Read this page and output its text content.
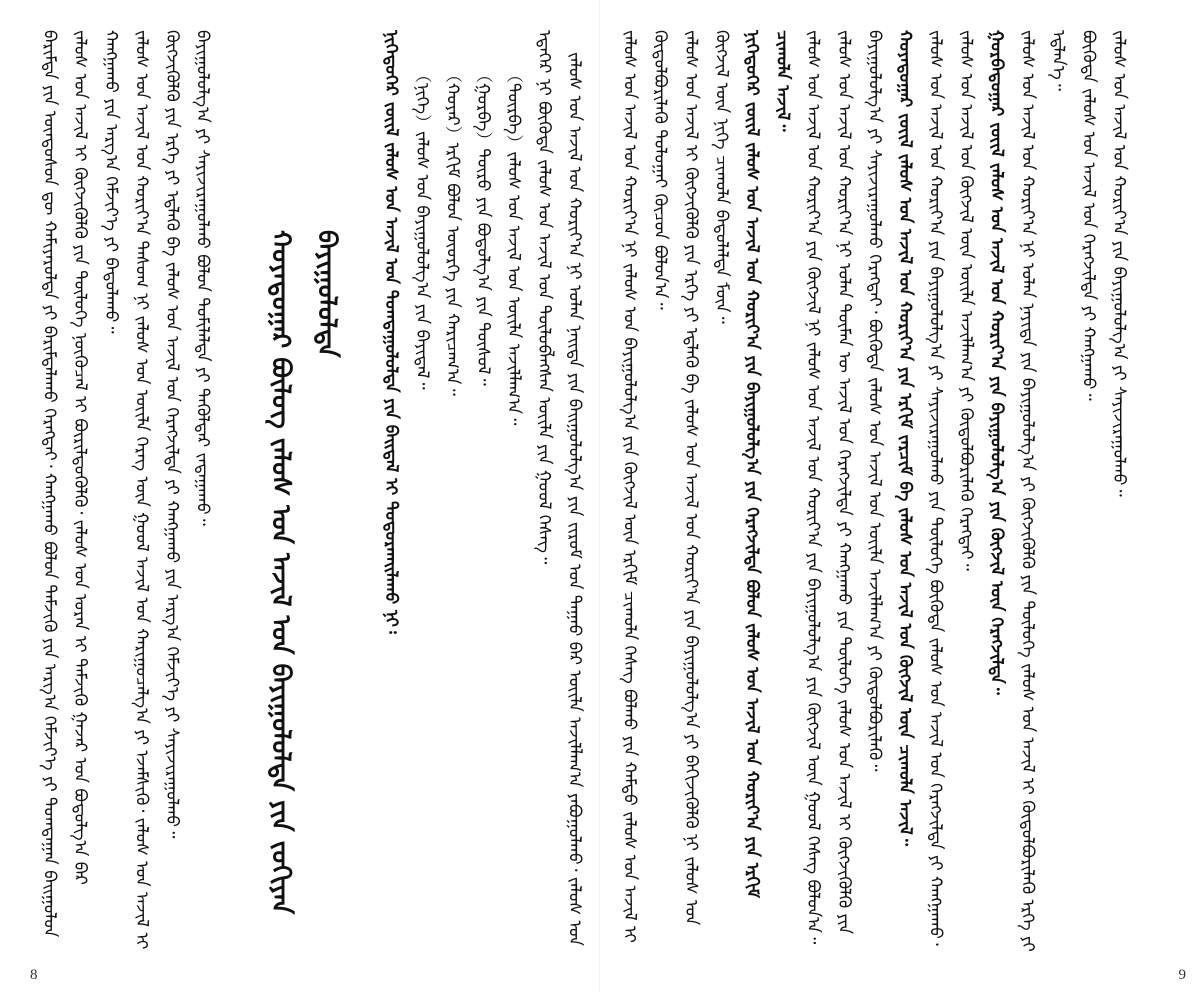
ᠪᠠᠷᠢᠮᠲᠠ ᠶᠢᠨ ᠦᠨᠳᠦᠰᠦᠨ ᠳᠦ ᠬᠠᠮᠢᠶᠠᠷᠤᠯᠲᠠ ᠶᠢ ᠪᠠᠷᠢᠮᠲᠠᠯᠠᠬᠤ ᠬᠡᠷᠡᠭᠲᠡᠢ᠂ ᠬᠠᠩᠭᠠᠬᠤ ᠪᠣᠯᠤᠨ ᠳᠡᠮᠵᠢᠬᠦ ᠶᠢᠨ ᠠᠷᠭ᠎ᠠ ᠬᠡᠮᠵᠢᠶ᠎ᠡ ᠶᠢ ᠲᠣᠭᠲᠠᠭᠠᠨ ᠪᠠᠢᠭᠤᠯᠤᠨ ᠵᠠᠯᠤᠰ ᠤᠨ ᠠᠵᠢᠯ ᠢ ᠬᠥᠭᠵᠢᠭᠦᠯᠬᠦ ᠶᠢᠨ ᠲᠥᠯᠦᠭᠡ ᠨᠥᠬᠥᠴᠡᠯ ᠢ ᠪᠦᠷᠢᠯᠳᠦᠭᠦᠯᠬᠦ᠂ ᠵᠠᠯᠤᠰ ᠤᠨ ᠤᠷᠠᠨ ᠢ ᠳᠡᠮᠵᠢᠬᠦ ᠭᠠᠵᠠᠷ ᠤᠨ ᠪᠣᠳᠤᠯᠭ᠎ᠠ ᠪᠠᠷ ᠬᠠᠩᠭᠠᠬᠤ ᠶᠢᠨ ᠠᠷᠭ᠎ᠠ ᠬᠡᠮᠵᠢᠶ᠎ᠡ ᠶᠢ ᠪᠠᠲᠤᠯᠠᠬᠤ᠃ ᠵᠠᠯᠤᠰ ᠤᠨ ᠠᠵᠢᠯ ᠤᠨ ᠬᠣᠷᠢᠶ᠎ᠠ ᠲᠠᠰᠤᠭ ᠨᠢ ᠵᠠᠯᠤᠰ ᠤᠨ ᠦᠢᠯᠡ ᠬᠡᠷᠡᠭ ᠦᠨ ᠭᠣᠣᠯ ᠠᠵᠢᠯ ᠤᠨ ᠬᠠᠷᠢᠭᠤᠴᠠᠯᠭ᠎ᠠ ᠶᠢ ᠡᠵᠡᠮᠰᠢᠬᠦ᠂ ᠵᠠᠯᠤᠰ ᠤᠨ ᠠᠵᠢᠯ ᠢ ᠬᠥᠭᠵᠢᠭᠦᠯᠬᠦ ᠶᠢᠨ ᠡᠷᠬᠡ ᠶᠢ ᠡᠳ᠋ᠯᠡᠬᠦ ᠪᠠ ᠵᠠᠯᠤᠰ ᠤᠨ ᠠᠵᠢᠯ ᠤᠨ ᠬᠡᠷᠡᠭᠵᠢᠯᠲᠡ ᠶᠢ ᠬᠠᠩᠭᠠᠬᠤ ᠶᠢᠨ ᠠᠷᠭ᠎ᠠ ᠬᠡᠮᠵᠢᠶ᠎ᠡ ᠶᠢ ᠰᠠᠶᠢᠵᠢᠷᠠᠭᠤᠯᠬᠤ᠃ ᠪᠠᠶᠢᠭᠤᠯᠤᠯᠭ᠎ᠠ ᠶᠢ ᠰᠠᠶᠢᠵᠢᠷᠠᠭᠤᠯᠬᠤ ᠪᠣᠯᠤᠨ ᠲᠣᠮᠢᠯᠠᠯᠲᠠ ᠶᠢ ᠲᠡᠭᠦᠯᠳᠡᠷ ᠵᠠᠳᠠᠭᠠᠬᠤ᠃	ᠬᠣᠶᠠᠳᠤᠭᠠᠷ ᠪᠦᠯᠦᠭ ᠵᠠᠯᠤᠰ ᠤᠨ ᠠᠵᠢᠯ ᠤᠨ ᠪᠠᠶᠢᠭᠤᠯᠤᠯᠲᠠ ᠶᠢᠨ ᠵᠣᠬᠢᠶᠠᠨ ᠪᠠᠶᠢᠭᠤᠯᠤᠯᠲᠠ	ᠨᠢᠭᠡᠳᠦᠭᠡᠷ ᠵᠦᠢᠯ ᠵᠠᠯᠤᠰ ᠤᠨ ᠠᠵᠢᠯ ᠤᠨ ᠲᠣᠭᠲᠠᠭᠤᠯᠤᠯᠲᠠ ᠶᠢᠨ ᠪᠠᠢᠳᠠᠯ ᠢ ᠲᠣᠳᠤᠷᠬᠠᠢᠯᠠᠬᠤ ᠨᠢ᠄ （ᠨᠢᠭᠡ）ᠵᠠᠯᠤᠰ ᠤᠨ ᠪᠠᠶᠢᠭᠤᠯᠤᠯᠭ᠎ᠠ ᠶᠢᠨ ᠪᠠᠶᠢᠳᠠᠯ᠃ （ᠬᠣᠶᠠᠷ）ᠡᠷᠬᠢᠮ ᠪᠣᠯᠤᠨ ᠦᠦᠷᠭᠡ ᠶᠢᠨ ᠬᠠᠷᠢᠴᠠᠭ᠎ᠠ᠃ （ᠭᠤᠷᠪᠠ）ᠲᠦᠷᠦ ᠶᠢᠨ ᠪᠣᠳᠤᠯᠭ᠎ᠠ ᠶᠢᠨ ᠲᠥᠰᠥᠯ᠃ （ᠳᠥᠷᠪᠡ）ᠵᠠᠯᠤᠰ ᠤᠨ ᠠᠵᠢᠯ ᠤᠨ ᠦᠢᠯᠡ ᠠᠵᠢᠯᠯᠠᠭ᠎ᠠ᠃ ᠡᠳᠡᠭᠡᠷ ᠨᠢ ᠪᠦᠭᠦᠳᠡ ᠵᠠᠯᠤᠰ ᠤᠨ ᠠᠵᠢᠯ ᠤᠨ ᠲᠥᠯᠦᠪᠯᠡᠭᠰᠡᠨ ᠦᠢᠯᠡ ᠶᠢᠨ ᠭᠣᠣᠯ ᠬᠡᠰᠡᠭ᠃ ᠵᠠᠯᠤᠰ ᠤᠨ ᠠᠵᠢᠯ ᠤᠨ ᠬᠣᠷᠢᠶ᠎ᠠ ᠨᠢ ᠣᠯᠠᠨ ᠨᠡᠢᠲᠡ ᠶᠢᠨ ᠪᠠᠢᠭᠤᠯᠤᠯᠭ᠎ᠠ ᠶᠢᠨ ᠵᠢᠷᠤᠮ ᠤᠨ ᠳᠠᠭᠠᠤ ᠪᠡᠷ ᠦᠢᠯᠡ ᠠᠵᠢᠯᠯᠠᠭ᠎ᠠ ᠶᠠᠪᠤᠭᠤᠯᠬᠤ᠂ ᠵᠠᠯᠤᠰ ᠤᠨ

8

ᠵᠠᠯᠤᠰ ᠤᠨ ᠠᠵᠢᠯ ᠤᠨ ᠬᠣᠷᠢᠶ᠎ᠠ ᠨᠢ ᠵᠠᠯᠤᠰ ᠤᠨ ᠪᠠᠶᠢᠭᠤᠯᠤᠯᠭ᠎ᠠ ᠶᠢᠨ ᠬᠥᠭᠵᠢᠯ ᠦᠨ ᠡᠷᠬᠢᠮ ᠴᠢᠬᠤᠯᠠ ᠬᠡᠰᠡᠭ ᠪᠣᠯᠬᠤ ᠶᠢᠨ ᠬᠠᠮᠲᠤ ᠵᠠᠯᠤᠰ ᠤᠨ ᠠᠵᠢᠯ ᠢ ᠬᠥᠲᠦᠯᠪᠦᠷᠢᠯᠡᠬᠦ ᠲᠣᠯᠤᠭᠠᠢ ᠬᠦᠴᠦᠨ ᠪᠣᠯᠤᠨ᠎ᠠ᠃ ᠵᠠᠯᠤᠰ ᠤᠨ ᠠᠵᠢᠯ ᠢ ᠬᠥᠭᠵᠢᠭᠦᠯᠬᠦ ᠶᠢᠨ ᠡᠷᠬᠡ ᠶᠢ ᠡᠳ᠋ᠯᠡᠬᠦ ᠪᠠ ᠵᠠᠯᠤᠰ ᠤᠨ ᠠᠵᠢᠯ ᠤᠨ ᠬᠣᠷᠢᠶ᠎ᠠ ᠶᠢᠨ ᠪᠠᠶᠢᠭᠤᠯᠤᠯᠭ᠎ᠠ ᠶᠢ ᠪᠡᠬᠢᠵᠢᠭᠦᠯᠬᠦ ᠨᠢ ᠵᠠᠯᠤᠰ ᠤᠨ ᠬᠥᠭᠵᠢᠯ ᠦᠨ ᠨᠢᠭᠡ ᠴᠢᠬᠤᠯᠠ ᠪᠠᠲᠤᠯᠠᠯᠲᠠ ᠮᠥᠨ᠃ ᠨᠢᠭᠡᠳᠦᠭᠡᠷ ᠵᠦᠢᠯ ᠵᠠᠯᠤᠰ ᠤᠨ ᠠᠵᠢᠯ ᠤᠨ ᠬᠣᠷᠢᠶ᠎ᠠ ᠶᠢᠨ ᠪᠠᠶᠢᠭᠤᠯᠤᠯᠭ᠎ᠠ ᠶᠢᠨ ᠬᠡᠷᠡᠭᠵᠢᠯᠲᠡ ᠪᠣᠯᠤᠨ ᠵᠠᠯᠤᠰ ᠤᠨ ᠠᠵᠢᠯ ᠤᠨ ᠬᠣᠷᠢᠶ᠎ᠠ ᠶᠢᠨ ᠡᠷᠬᠢᠮ ᠴᠢᠬᠤᠯᠠ ᠠᠵᠢᠯ᠃ ᠵᠠᠯᠤᠰ ᠤᠨ ᠠᠵᠢᠯ ᠤᠨ ᠬᠣᠷᠢᠶ᠎ᠠ ᠶᠢᠨ ᠬᠥᠭᠵᠢᠯ ᠨᠢ ᠵᠠᠯᠤᠰ ᠤᠨ ᠠᠵᠢᠯ ᠤᠨ ᠬᠣᠷᠢᠶ᠎ᠠ ᠶᠢᠨ ᠪᠠᠶᠢᠭᠤᠯᠤᠯᠭ᠎ᠠ ᠶᠢᠨ ᠬᠥᠭᠵᠢᠯ ᠦᠨ ᠭᠣᠣᠯ ᠬᠡᠰᠡᠭ ᠪᠣᠯᠤᠨ᠎ᠠ᠃ ᠵᠠᠯᠤᠰ ᠤᠨ ᠠᠵᠢᠯ ᠤᠨ ᠬᠣᠷᠢᠶ᠎ᠠ ᠨᠢ ᠣᠯᠠᠨ ᠲᠦᠮᠡᠨ ᠦ ᠠᠵᠢᠯ ᠤᠨ ᠬᠡᠷᠡᠭᠵᠢᠯᠲᠡ ᠶᠢ ᠬᠠᠩᠭᠠᠬᠤ ᠶᠢᠨ ᠲᠥᠯᠦᠭᠡ ᠵᠠᠯᠤᠰ ᠤᠨ ᠠᠵᠢᠯ ᠢ ᠬᠥᠭᠵᠢᠭᠦᠯᠬᠦ ᠶᠢᠨ ᠪᠠᠶᠢᠭᠤᠯᠤᠯᠭ᠎ᠠ ᠶᠢ ᠰᠠᠶᠢᠵᠢᠷᠠᠭᠤᠯᠬᠤ ᠬᠡᠷᠡᠭᠲᠡᠢ᠂ ᠪᠦᠭᠦᠳᠡ ᠵᠠᠯᠤᠰ ᠤᠨ ᠠᠵᠢᠯ ᠤᠨ ᠦᠢᠯᠡ ᠠᠵᠢᠯᠯᠠᠭ᠎ᠠ ᠶᠢ ᠬᠥᠲᠦᠯᠪᠦᠷᠢᠯᠡᠬᠦ᠃ ᠬᠣᠶᠠᠳᠤᠭᠠᠷ ᠵᠦᠢᠯ ᠵᠠᠯᠤᠰ ᠤᠨ ᠠᠵᠢᠯ ᠤᠨ ᠬᠣᠷᠢᠶ᠎ᠠ ᠶᠢᠨ ᠡᠷᠬᠢᠮ ᠵᠠᠷᠴᠢᠮ ᠪᠠ ᠵᠠᠯᠤᠰ ᠤᠨ ᠠᠵᠢᠯ ᠤᠨ ᠬᠥᠭᠵᠢᠯ ᠦᠨ ᠴᠢᠬᠤᠯᠠ ᠠᠵᠢᠯ᠃ ᠵᠠᠯᠤᠰ ᠤᠨ ᠠᠵᠢᠯ ᠤᠨ ᠬᠣᠷᠢᠶ᠎ᠠ ᠶᠢᠨ ᠪᠠᠶᠢᠭᠤᠯᠤᠯᠭ᠎ᠠ ᠶᠢ ᠰᠠᠶᠢᠵᠢᠷᠠᠭᠤᠯᠬᠤ ᠶᠢᠨ ᠲᠥᠯᠦᠭᠡ ᠪᠦᠭᠦᠳᠡ ᠵᠠᠯᠤᠰ ᠤᠨ ᠠᠵᠢᠯ ᠤᠨ ᠬᠡᠷᠡᠭᠵᠢᠯᠲᠡ ᠶᠢ ᠬᠠᠩᠭᠠᠬᠤ᠂ ᠵᠠᠯᠤᠰ ᠤᠨ ᠠᠵᠢᠯ ᠤᠨ ᠬᠥᠭᠵᠢᠯ ᠦᠨ ᠦᠢᠯᠡ ᠠᠵᠢᠯᠯᠠᠭ᠎ᠠ ᠶᠢ ᠬᠥᠲᠦᠯᠪᠦᠷᠢᠯᠡᠬᠦ ᠬᠡᠷᠡᠭᠲᠡᠢ᠃ ᠭᠤᠷᠪᠠᠳᠤᠭᠠᠷ ᠵᠦᠢᠯ ᠵᠠᠯᠤᠰ ᠤᠨ ᠠᠵᠢᠯ ᠤᠨ ᠬᠣᠷᠢᠶ᠎ᠠ ᠶᠢᠨ ᠪᠠᠶᠢᠭᠤᠯᠤᠯᠭ᠎ᠠ ᠶᠢᠨ ᠬᠥᠭᠵᠢᠯ ᠦᠨ ᠬᠡᠷᠡᠭᠵᠢᠯᠲᠡ᠃ ᠵᠠᠯᠤᠰ ᠤᠨ ᠠᠵᠢᠯ ᠤᠨ ᠬᠣᠷᠢᠶ᠎ᠠ ᠨᠢ ᠣᠯᠠᠨ ᠨᠡᠶᠢᠲᠡ ᠶᠢᠨ ᠪᠠᠶᠢᠭᠤᠯᠤᠯᠭ᠎ᠠ ᠶᠢ ᠬᠥᠭᠵᠢᠭᠦᠯᠬᠦ ᠶᠢᠨ ᠲᠥᠯᠦᠭᠡ ᠵᠠᠯᠤᠰ ᠤᠨ ᠠᠵᠢᠯ ᠢ ᠬᠥᠲᠦᠯᠪᠦᠷᠢᠯᠡᠬᠦ ᠡᠷᠬᠡ ᠶᠢ ᠡᠳ᠋ᠯᠡᠨ᠎ᠡ᠃ ᠪᠦᠭᠦᠳᠡ ᠵᠠᠯᠤᠰ ᠤᠨ ᠠᠵᠢᠯ ᠤᠨ ᠬᠡᠷᠡᠭᠵᠢᠯᠲᠡ ᠶᠢ ᠬᠠᠩᠭᠠᠬᠤ᠃ ᠵᠠᠯᠤᠰ ᠤᠨ ᠠᠵᠢᠯ ᠤᠨ ᠬᠣᠷᠢᠶ᠎ᠠ ᠶᠢᠨ ᠪᠠᠶᠢᠭᠤᠯᠤᠯᠭ᠎ᠠ ᠶᠢ ᠰᠠᠶᠢᠵᠢᠷᠠᠭᠤᠯᠬᠤ᠃

9
